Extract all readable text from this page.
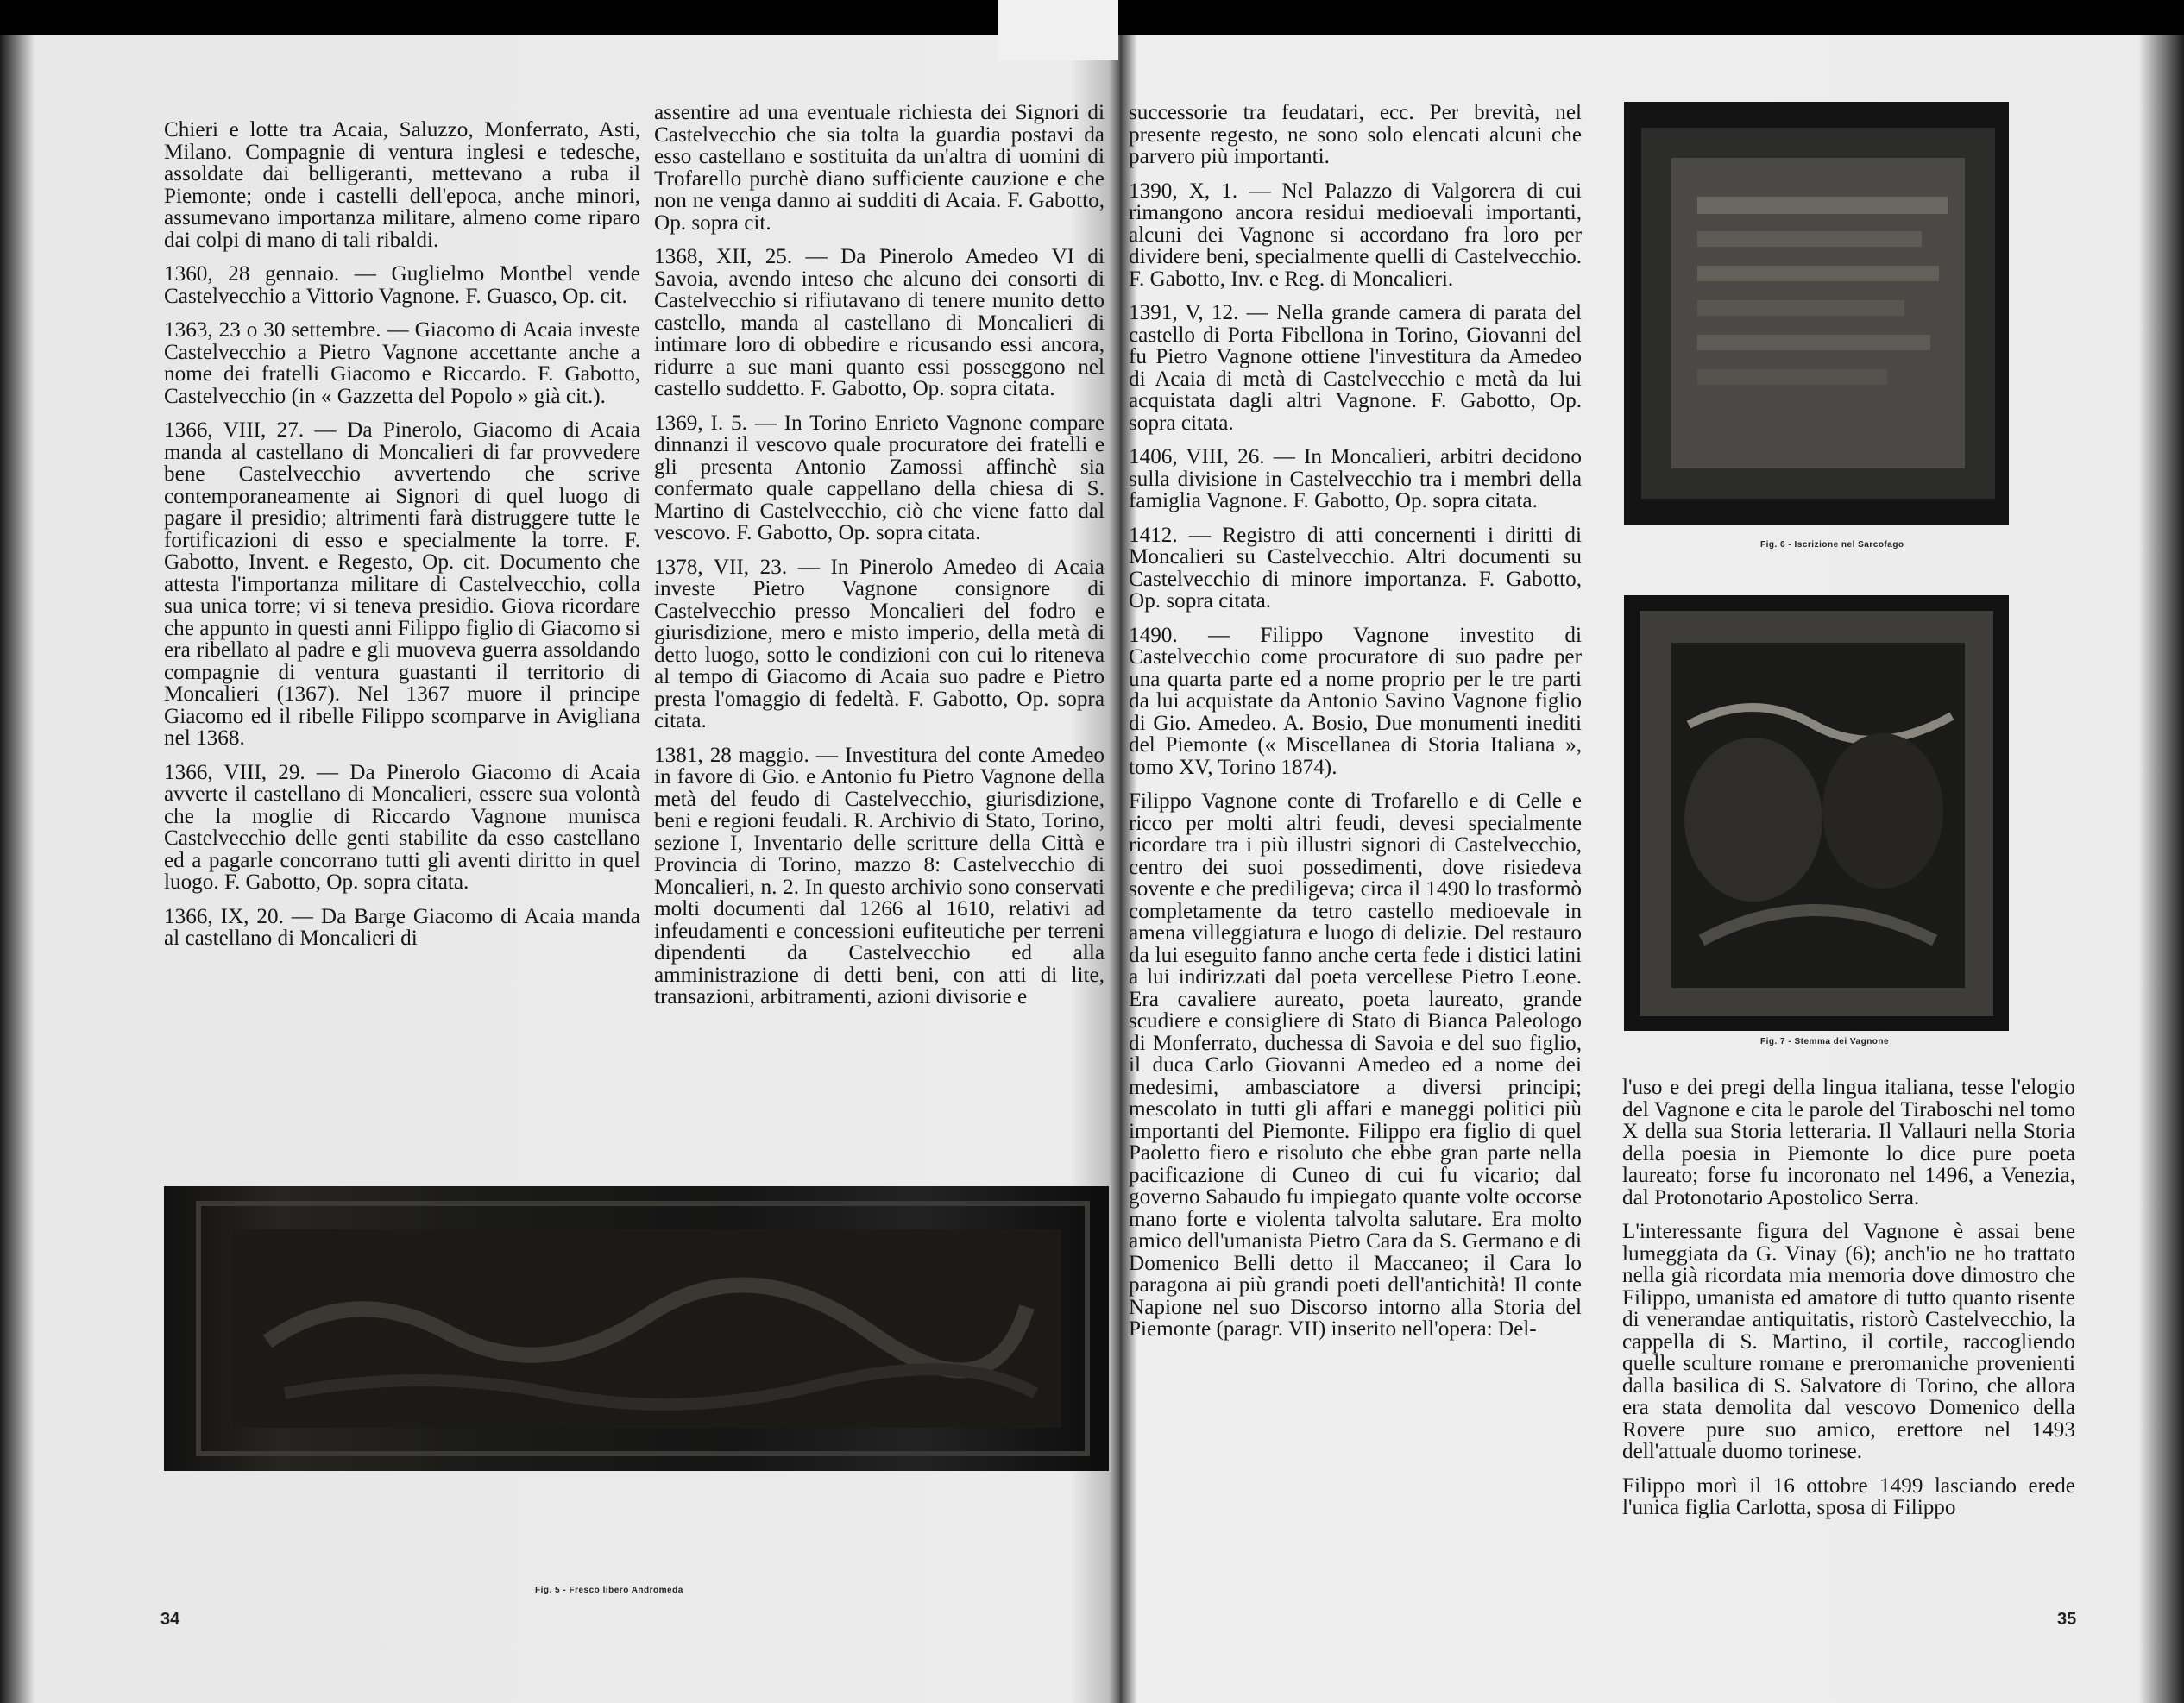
Chieri e lotte tra Acaia, Saluzzo, Monferrato, Asti, Milano. Compagnie di ventura inglesi e tedesche, assoldate dai belligeranti, mettevano a ruba il Piemonte; onde i castelli dell'epoca, anche minori, assumevano importanza militare, almeno come riparo dai colpi di mano di tali ribaldi.

1360, 28 gennaio. — Guglielmo Montbel vende Castelvecchio a Vittorio Vagnone. F. Guasco, Op. cit.

1363, 23 o 30 settembre. — Giacomo di Acaia investe Castelvecchio a Pietro Vagnone accettante anche a nome dei fratelli Giacomo e Riccardo. F. Gabotto, Castelvecchio (in « Gazzetta del Popolo » già cit.).

1366, VIII, 27. — Da Pinerolo, Giacomo di Acaia manda al castellano di Moncalieri di far provvedere bene Castelvecchio avvertendo che scrive contemporaneamente ai Signori di quel luogo di pagare il presidio; altrimenti farà distruggere tutte le fortificazioni di esso e specialmente la torre. F. Gabotto, Invent. e Regesto, Op. cit. Documento che attesta l'importanza militare di Castelvecchio, colla sua unica torre; vi si teneva presidio. Giova ricordare che appunto in questi anni Filippo figlio di Giacomo si era ribellato al padre e gli muoveva guerra assoldando compagnie di ventura guastanti il territorio di Moncalieri (1367). Nel 1367 muore il principe Giacomo ed il ribelle Filippo scomparve in Avigliana nel 1368.

1366, VIII, 29. — Da Pinerolo Giacomo di Acaia avverte il castellano di Moncalieri, essere sua volontà che la moglie di Riccardo Vagnone munisca Castelvecchio delle genti stabilite da esso castellano ed a pagarle concorrano tutti gli aventi diritto in quel luogo. F. Gabotto, Op. sopra citata.

1366, IX, 20. — Da Barge Giacomo di Acaia manda al castellano di Moncalieri di

assentire ad una eventuale richiesta dei Signori di Castelvecchio che sia tolta la guardia postavi da esso castellano e sostituita da un'altra di uomini di Trofarello purchè diano sufficiente cauzione e che non ne venga danno ai sudditi di Acaia. F. Gabotto, Op. sopra cit.

1368, XII, 25. — Da Pinerolo Amedeo VI di Savoia, avendo inteso che alcuno dei consorti di Castelvecchio si rifiutavano di tenere munito detto castello, manda al castellano di Moncalieri di intimare loro di obbedire e ricusando essi ancora, ridurre a sue mani quanto essi posseggono nel castello suddetto. F. Gabotto, Op. sopra citata.

1369, I. 5. — In Torino Enrieto Vagnone compare dinnanzi il vescovo quale procuratore dei fratelli e gli presenta Antonio Zamossi affinchè sia confermato quale cappellano della chiesa di S. Martino di Castelvecchio, ciò che viene fatto dal vescovo. F. Gabotto, Op. sopra citata.

1378, VII, 23. — In Pinerolo Amedeo di Acaia investe Pietro Vagnone consignore di Castelvecchio presso Moncalieri del fodro e giurisdizione, mero e misto imperio, della metà di detto luogo, sotto le condizioni con cui lo riteneva al tempo di Giacomo di Acaia suo padre e Pietro presta l'omaggio di fedeltà. F. Gabotto, Op. sopra citata.

1381, 28 maggio. — Investitura del conte Amedeo in favore di Gio. e Antonio fu Pietro Vagnone della metà del feudo di Castelvecchio, giurisdizione, beni e regioni feudali. R. Archivio di Stato, Torino, sezione I, Inventario delle scritture della Città e Provincia di Torino, mazzo 8: Castelvecchio di Moncalieri, n. 2. In questo archivio sono conservati molti documenti dal 1266 al 1610, relativi ad infeudamenti e concessioni eufiteutiche per terreni dipendenti da Castelvecchio ed alla amministrazione di detti beni, con atti di lite, transazioni, arbitramenti, azioni divisorie e

Fig. 5 - Fresco libero Andromeda
34

successorie tra feudatari, ecc. Per brevità, nel presente regesto, ne sono solo elencati alcuni che parvero più importanti.

1390, X, 1. — Nel Palazzo di Valgorera di cui rimangono ancora residui medioevali importanti, alcuni dei Vagnone si accordano fra loro per dividere beni, specialmente quelli di Castelvecchio. F. Gabotto, Inv. e Reg. di Moncalieri.

1391, V, 12. — Nella grande camera di parata del castello di Porta Fibellona in Torino, Giovanni del fu Pietro Vagnone ottiene l'investitura da Amedeo di Acaia di metà di Castelvecchio e metà da lui acquistata dagli altri Vagnone. F. Gabotto, Op. sopra citata.

1406, VIII, 26. — In Moncalieri, arbitri decidono sulla divisione in Castelvecchio tra i membri della famiglia Vagnone. F. Gabotto, Op. sopra citata.

1412. — Registro di atti concernenti i diritti di Moncalieri su Castelvecchio. Altri documenti su Castelvecchio di minore importanza. F. Gabotto, Op. sopra citata.

1490. — Filippo Vagnone investito di Castelvecchio come procuratore di suo padre per una quarta parte ed a nome proprio per le tre parti da lui acquistate da Antonio Savino Vagnone figlio di Gio. Amedeo. A. Bosio, Due monumenti inediti del Piemonte (« Miscellanea di Storia Italiana », tomo XV, Torino 1874).

Filippo Vagnone conte di Trofarello e di Celle e ricco per molti altri feudi, devesi specialmente ricordare tra i più illustri signori di Castelvecchio, centro dei suoi possedimenti, dove risiedeva sovente e che prediligeva; circa il 1490 lo trasformò completamente da tetro castello medioevale in amena villeggiatura e luogo di delizie. Del restauro da lui eseguito fanno anche certa fede i distici latini a lui indirizzati dal poeta vercellese Pietro Leone. Era cavaliere aureato, poeta laureato, grande scudiere e consigliere di Stato di Bianca Paleologo di Monferrato, duchessa di Savoia e del suo figlio, il duca Carlo Giovanni Amedeo ed a nome dei medesimi, ambasciatore a diversi principi; mescolato in tutti gli affari e maneggi politici più importanti del Piemonte. Filippo era figlio di quel Paoletto fiero e risoluto che ebbe gran parte nella pacificazione di Cuneo di cui fu vicario; dal governo Sabaudo fu impiegato quante volte occorse mano forte e violenta talvolta salutare. Era molto amico dell'umanista Pietro Cara da S. Germano e di Domenico Belli detto il Maccaneo; il Cara lo paragona ai più grandi poeti dell'antichità! Il conte Napione nel suo Discorso intorno alla Storia del Piemonte (paragr. VII) inserito nell'opera: Del-

Fig. 6 - Iscrizione nel Sarcofago
Fig. 7 - Stemma dei Vagnone

l'uso e dei pregi della lingua italiana, tesse l'elogio del Vagnone e cita le parole del Tiraboschi nel tomo X della sua Storia letteraria. Il Vallauri nella Storia della poesia in Piemonte lo dice pure poeta laureato; forse fu incoronato nel 1496, a Venezia, dal Protonotario Apostolico Serra.

L'interessante figura del Vagnone è assai bene lumeggiata da G. Vinay (6); anch'io ne ho trattato nella già ricordata mia memoria dove dimostro che Filippo, umanista ed amatore di tutto quanto risente di venerandae antiquitatis, ristorò Castelvecchio, la cappella di S. Martino, il cortile, raccogliendo quelle sculture romane e preromaniche provenienti dalla basilica di S. Salvatore di Torino, che allora era stata demolita dal vescovo Domenico della Rovere pure suo amico, erettore nel 1493 dell'attuale duomo torinese.

Filippo morì il 16 ottobre 1499 lasciando erede l'unica figlia Carlotta, sposa di Filippo

35
